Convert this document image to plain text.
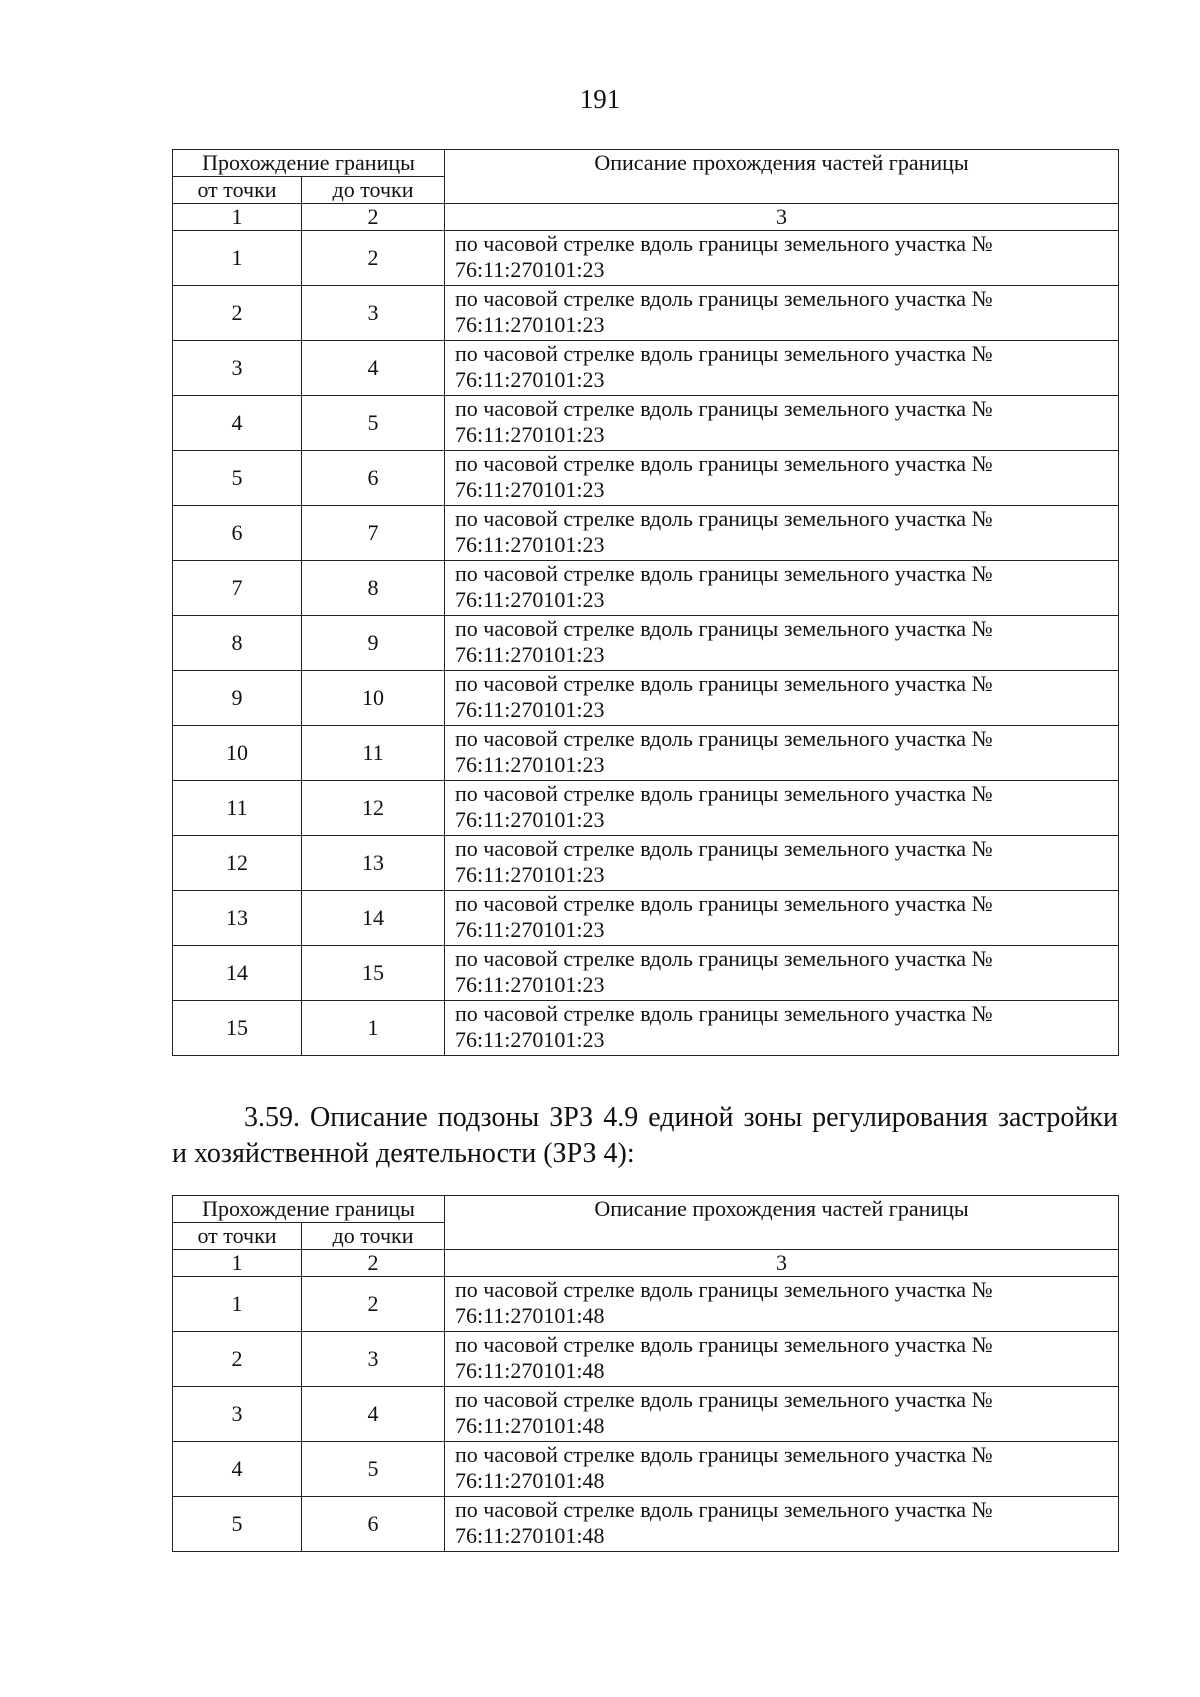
191
Прохождение границы		Описание прохождения частей границы
от точки	до точки	
1	2	3
1	2	по часовой стрелке вдоль границы земельного участка №
76:11:270101:23

2	3	по часовой стрелке вдоль границы земельного участка №
76:11:270101:23

3	4	по часовой стрелке вдоль границы земельного участка №
76:11:270101:23

4	5	по часовой стрелке вдоль границы земельного участка №
76:11:270101:23

5	6	по часовой стрелке вдоль границы земельного участка №
76:11:270101:23

6	7	по часовой стрелке вдоль границы земельного участка №
76:11:270101:23

7	8	по часовой стрелке вдоль границы земельного участка №
76:11:270101:23

8	9	по часовой стрелке вдоль границы земельного участка №
76:11:270101:23

9	10	по часовой стрелке вдоль границы земельного участка №
76:11:270101:23

10	11	по часовой стрелке вдоль границы земельного участка №
76:11:270101:23

11	12	по часовой стрелке вдоль границы земельного участка №
76:11:270101:23

12	13	по часовой стрелке вдоль границы земельного участка №
76:11:270101:23

13	14	по часовой стрелке вдоль границы земельного участка №
76:11:270101:23

14	15	по часовой стрелке вдоль границы земельного участка №
76:11:270101:23

15	1	по часовой стрелке вдоль границы земельного участка №
76:11:270101:23

3.59. Описание подзоны ЗРЗ 4.9 единой зоны регулирования застройки
и хозяйственной деятельности (ЗРЗ 4):

Прохождение границы		Описание прохождения частей границы
от точки	до точки	
1	2	3
1	2	по часовой стрелке вдоль границы земельного участка №
76:11:270101:48

2	3	по часовой стрелке вдоль границы земельного участка №
76:11:270101:48

3	4	по часовой стрелке вдоль границы земельного участка №
76:11:270101:48

4	5	по часовой стрелке вдоль границы земельного участка №
76:11:270101:48

5	6	по часовой стрелке вдоль границы земельного участка №
76:11:270101:48
